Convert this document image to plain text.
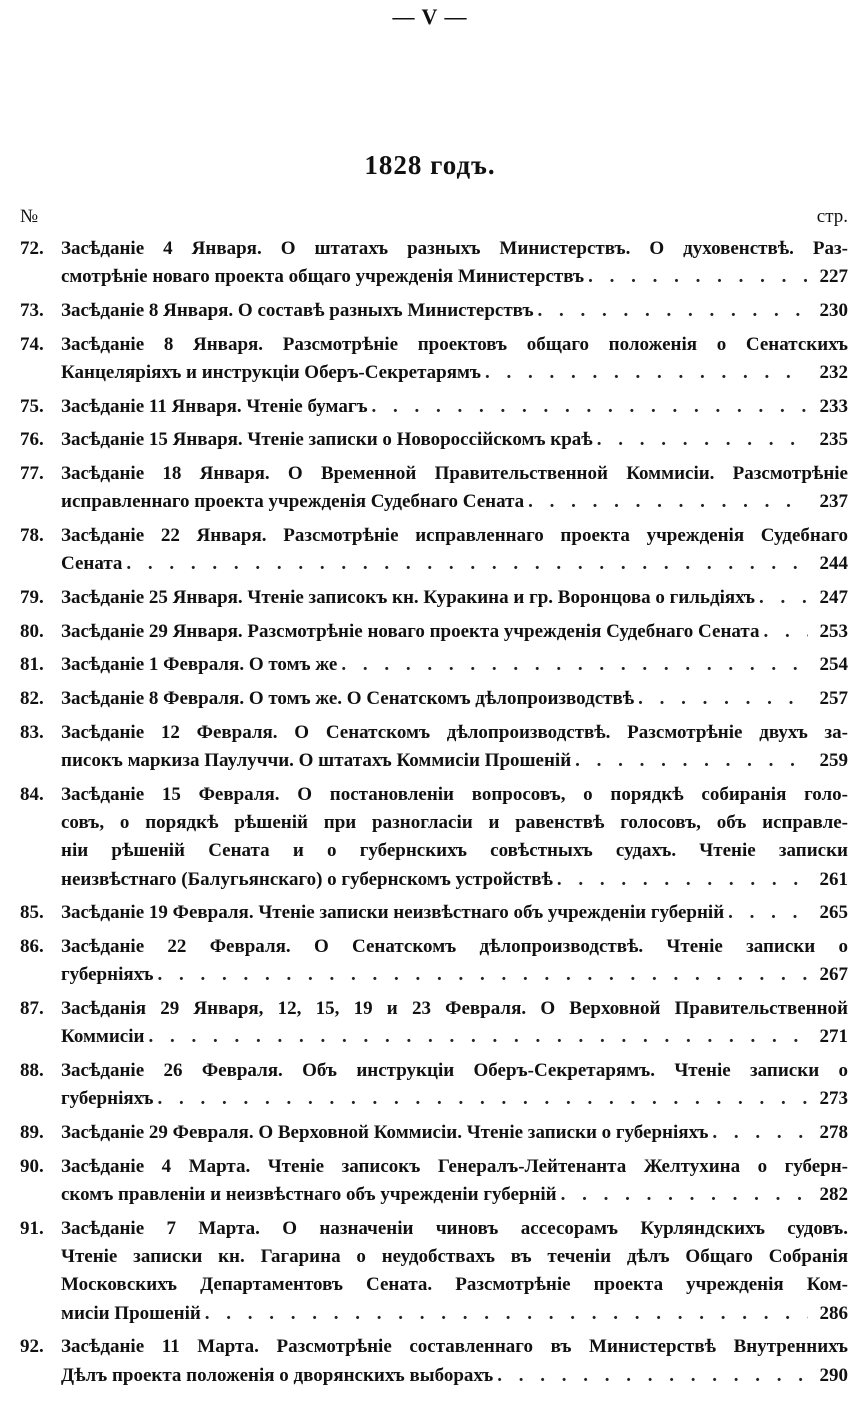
— V —
1828 годъ.
№	стр.
72. Засѣданіе 4 Января. О штатахъ разныхъ Министерствъ. О духовенствѣ. Раз-
смотрѣніе новаго проекта общаго учрежденія Министерствъ . . .	227
73. Засѣданіе 8 Января. О составѣ разныхъ Министерствъ . . .	230
74. Засѣданіе 8 Января. Разсмотрѣніе проектовъ общаго положенія о Сенатскихъ
Канцеляріяхъ и инструкціи Оберъ-Секретарямъ . . .	232
75. Засѣданіе 11 Января. Чтеніе бумагъ . . .	233
76. Засѣданіе 15 Января. Чтеніе записки о Новороссійскомъ краѣ . . .	235
77. Засѣданіе 18 Января. О Временной Правительственной Коммисіи. Разсмотрѣніе
исправленнаго проекта учрежденія Судебнаго Сената . . .	237
78. Засѣданіе 22 Января. Разсмотрѣніе исправленнаго проекта учрежденія Судебнаго
Сената . . .	244
79. Засѣданіе 25 Января. Чтеніе записокъ кн. Куракина и гр. Воронцова о гильдіяхъ . . .	247
80. Засѣданіе 29 Января. Разсмотрѣніе новаго проекта учрежденія Судебнаго Сената . . .	253
81. Засѣданіе 1 Февраля. О томъ же . . .	254
82. Засѣданіе 8 Февраля. О томъ же. О Сенатскомъ дѣлопроизводствѣ . . .	257
83. Засѣданіе 12 Февраля. О Сенатскомъ дѣлопроизводствѣ. Разсмотрѣніе двухъ за-
писокъ маркиза Паулуччи. О штатахъ Коммисіи Прошеній . . .	259
84. Засѣданіе 15 Февраля. О постановленіи вопросовъ, о порядкѣ собиранія голо-
совъ, о порядкѣ рѣшеній при разногласіи и равенствѣ голосовъ, объ исправле-
ніи рѣшеній Сената и о губернскихъ совѣстныхъ судахъ. Чтеніе записки
неизвѣстнаго (Балугьянскаго) о губернскомъ устройствѣ . . .	261
85. Засѣданіе 19 Февраля. Чтеніе записки неизвѣстнаго объ учрежденіи губерній . . .	265
86. Засѣданіе 22 Февраля. О Сенатскомъ дѣлопроизводствѣ. Чтеніе записки о
губерніяхъ . . .	267
87. Засѣданія 29 Января, 12, 15, 19 и 23 Февраля. О Верховной Правительственной
Коммисіи . . .	271
88. Засѣданіе 26 Февраля. Объ инструкціи Оберъ-Секретарямъ. Чтеніе записки о
губерніяхъ . . .	273
89. Засѣданіе 29 Февраля. О Верховной Коммисіи. Чтеніе записки о губерніяхъ . . .	278
90. Засѣданіе 4 Марта. Чтеніе записокъ Генералъ-Лейтенанта Желтухина о губерн-
скомъ правленіи и неизвѣстнаго объ учрежденіи губерній . . .	282
91. Засѣданіе 7 Марта. О назначеніи чиновъ ассесорамъ Курляндскихъ судовъ.
Чтеніе записки кн. Гагарина о неудобствахъ въ теченіи дѣлъ Общаго Собранія
Московскихъ Департаментовъ Сената. Разсмотрѣніе проекта учрежденія Ком-
мисіи Прошеній . . .	286
92. Засѣданіе 11 Марта. Разсмотрѣніе составленнаго въ Министерствѣ Внутреннихъ
Дѣлъ проекта положенія о дворянскихъ выборахъ . . .	290
